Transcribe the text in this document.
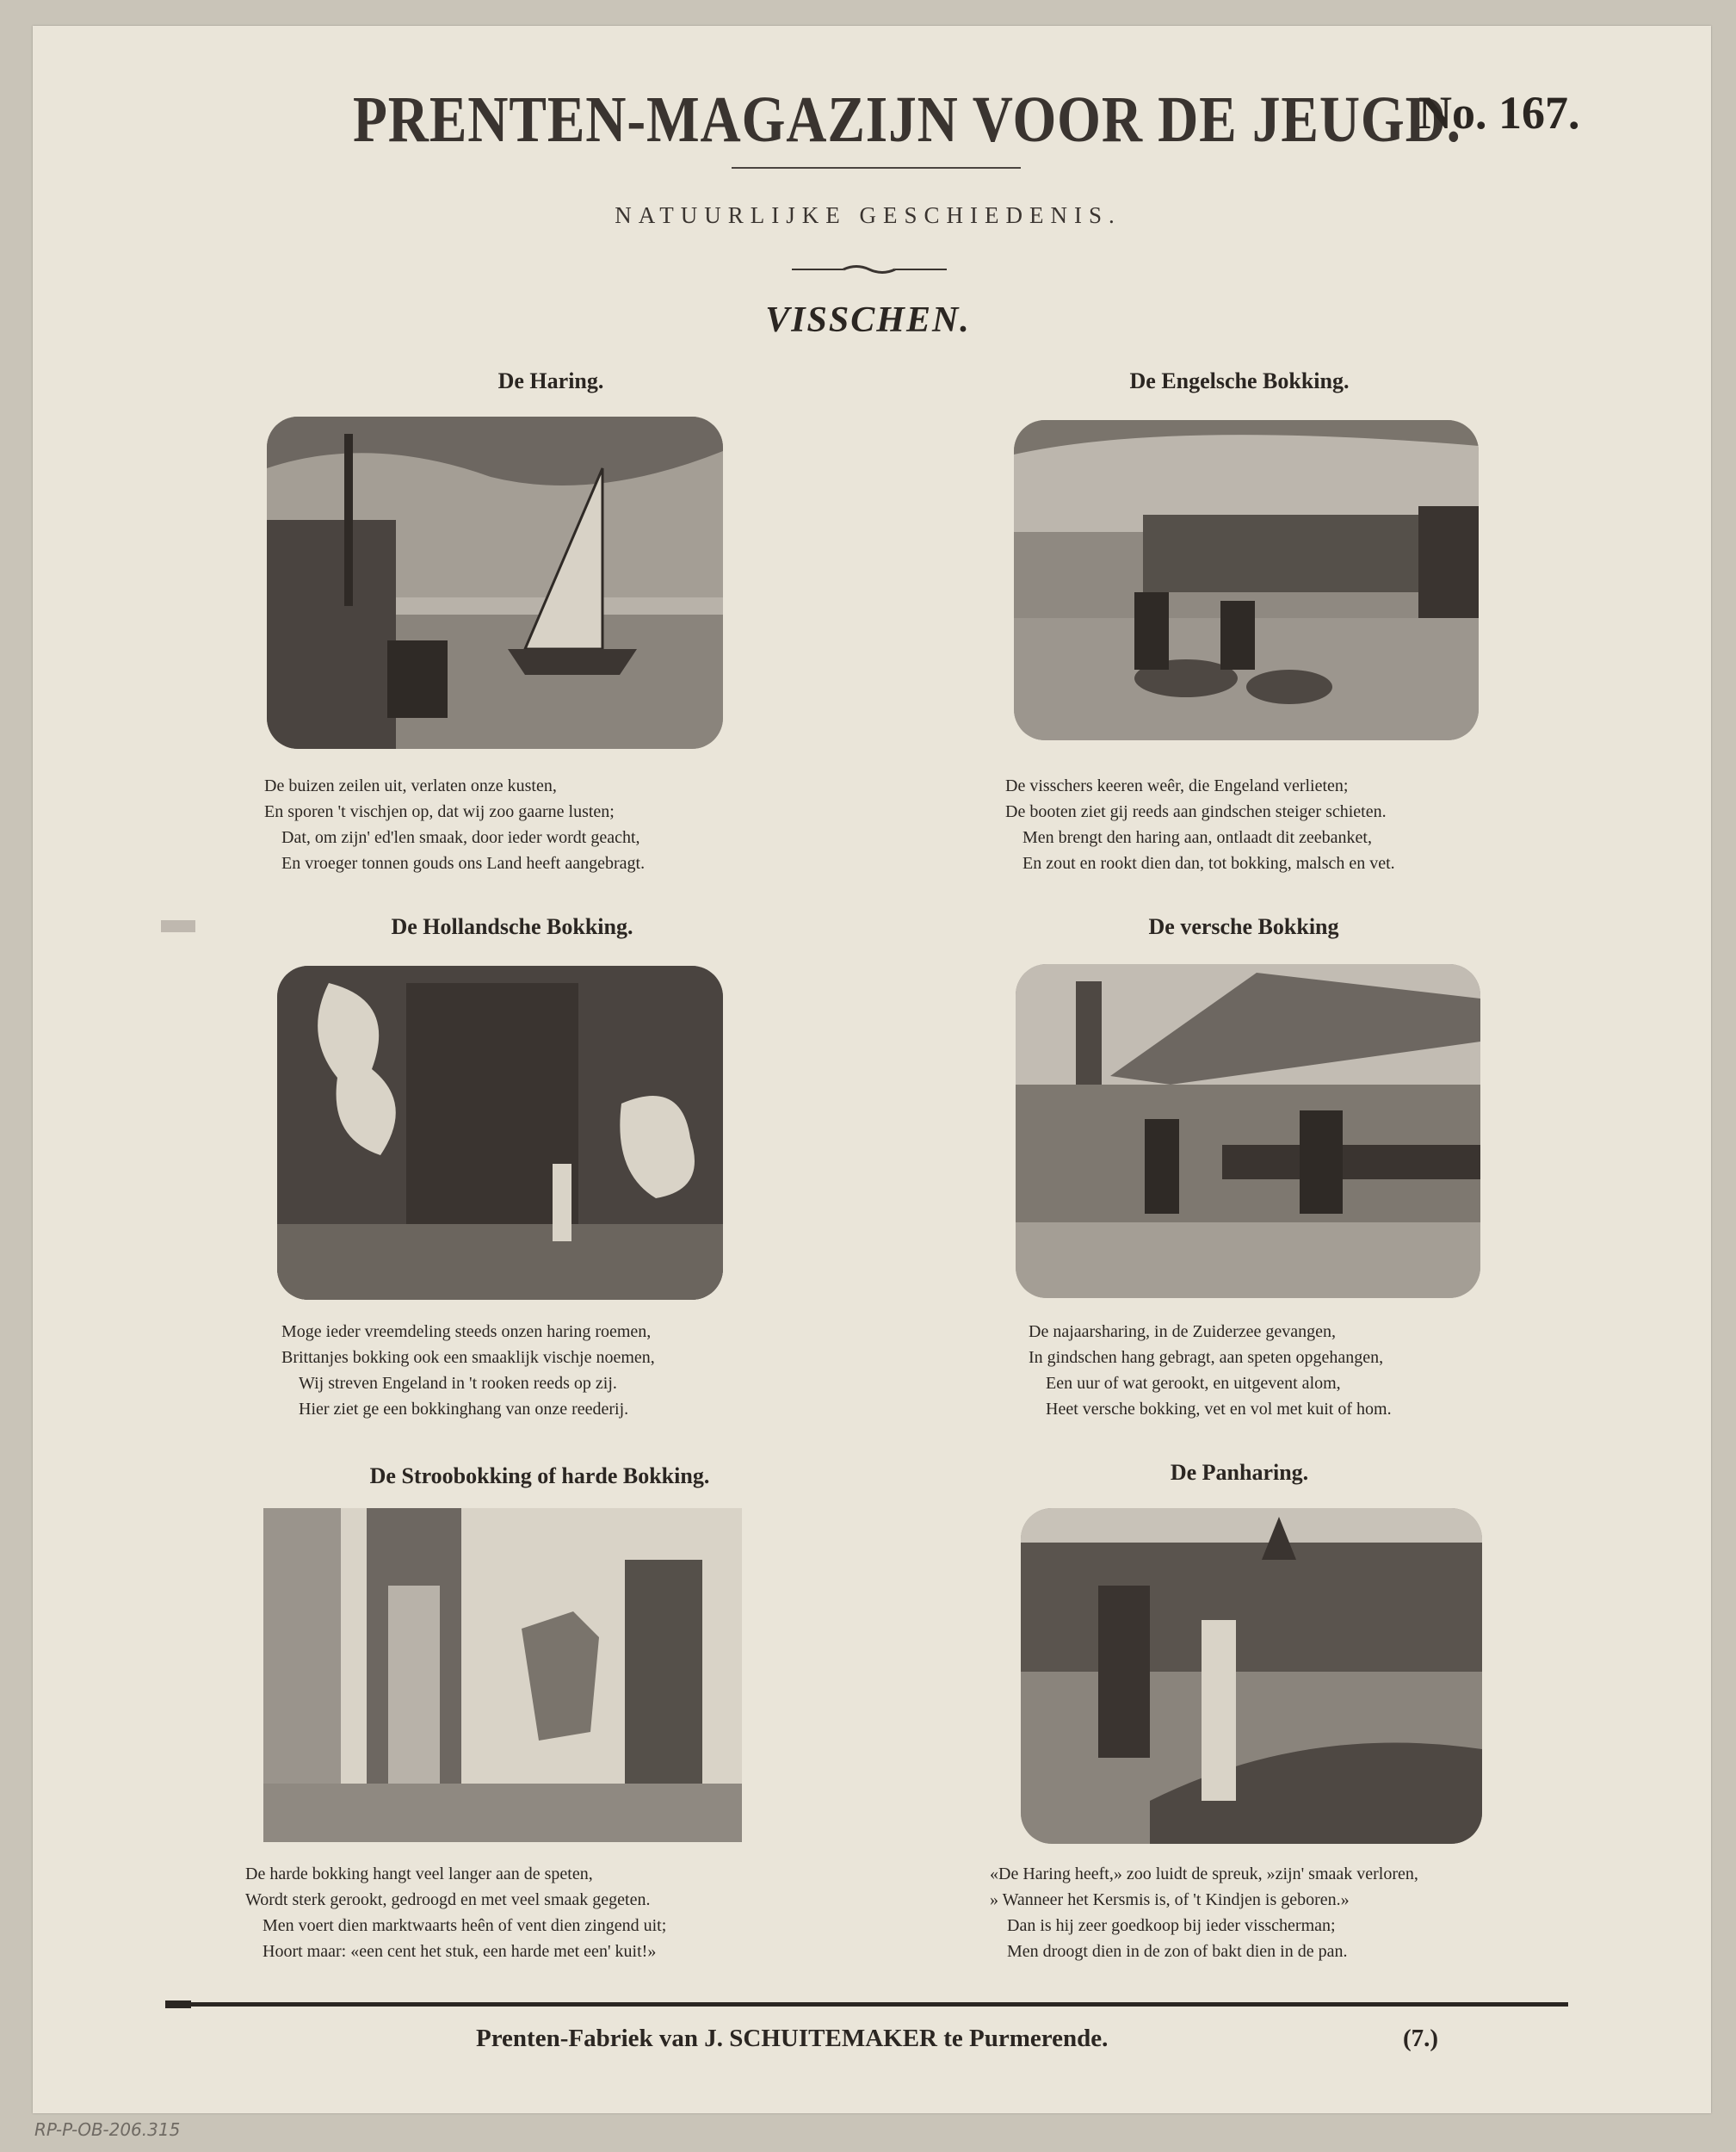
PRENTEN-MAGAZIJN VOOR DE JEUGD.
No. 167.
NATUURLIJKE GESCHIEDENIS.
VISSCHEN.
De Haring.
De buizen zeilen uit, verlaten onze kusten,
En sporen 't vischjen op, dat wij zoo gaarne lusten;
Dat, om zijn' ed'len smaak, door ieder wordt geacht,
En vroeger tonnen gouds ons Land heeft aangebragt.
De Engelsche Bokking.
De visschers keeren weêr, die Engeland verlieten;
De booten ziet gij reeds aan gindschen steiger schieten.
Men brengt den haring aan, ontlaadt dit zeebanket,
En zout en rookt dien dan, tot bokking, malsch en vet.
De Hollandsche Bokking.
Moge ieder vreemdeling steeds onzen haring roemen,
Brittanjes bokking ook een smaaklijk vischje noemen,
Wij streven Engeland in 't rooken reeds op zij.
Hier ziet ge een bokkinghang van onze reederij.
De versche Bokking
De najaarsharing, in de Zuiderzee gevangen,
In gindschen hang gebragt, aan speten opgehangen,
Een uur of wat gerookt, en uitgevent alom,
Heet versche bokking, vet en vol met kuit of hom.
De Stroobokking of harde Bokking.
De harde bokking hangt veel langer aan de speten,
Wordt sterk gerookt, gedroogd en met veel smaak gegeten.
Men voert dien marktwaarts heên of vent dien zingend uit;
Hoort maar: «een cent het stuk, een harde met een' kuit!»
De Panharing.
«De Haring heeft,» zoo luidt de spreuk, »zijn' smaak verloren,
» Wanneer het Kersmis is, of 't Kindjen is geboren.»
Dan is hij zeer goedkoop bij ieder visscherman;
Men droogt dien in de zon of bakt dien in de pan.
Prenten-Fabriek van J. SCHUITEMAKER te Purmerende.	(7.)
RP-P-OB-206.315
